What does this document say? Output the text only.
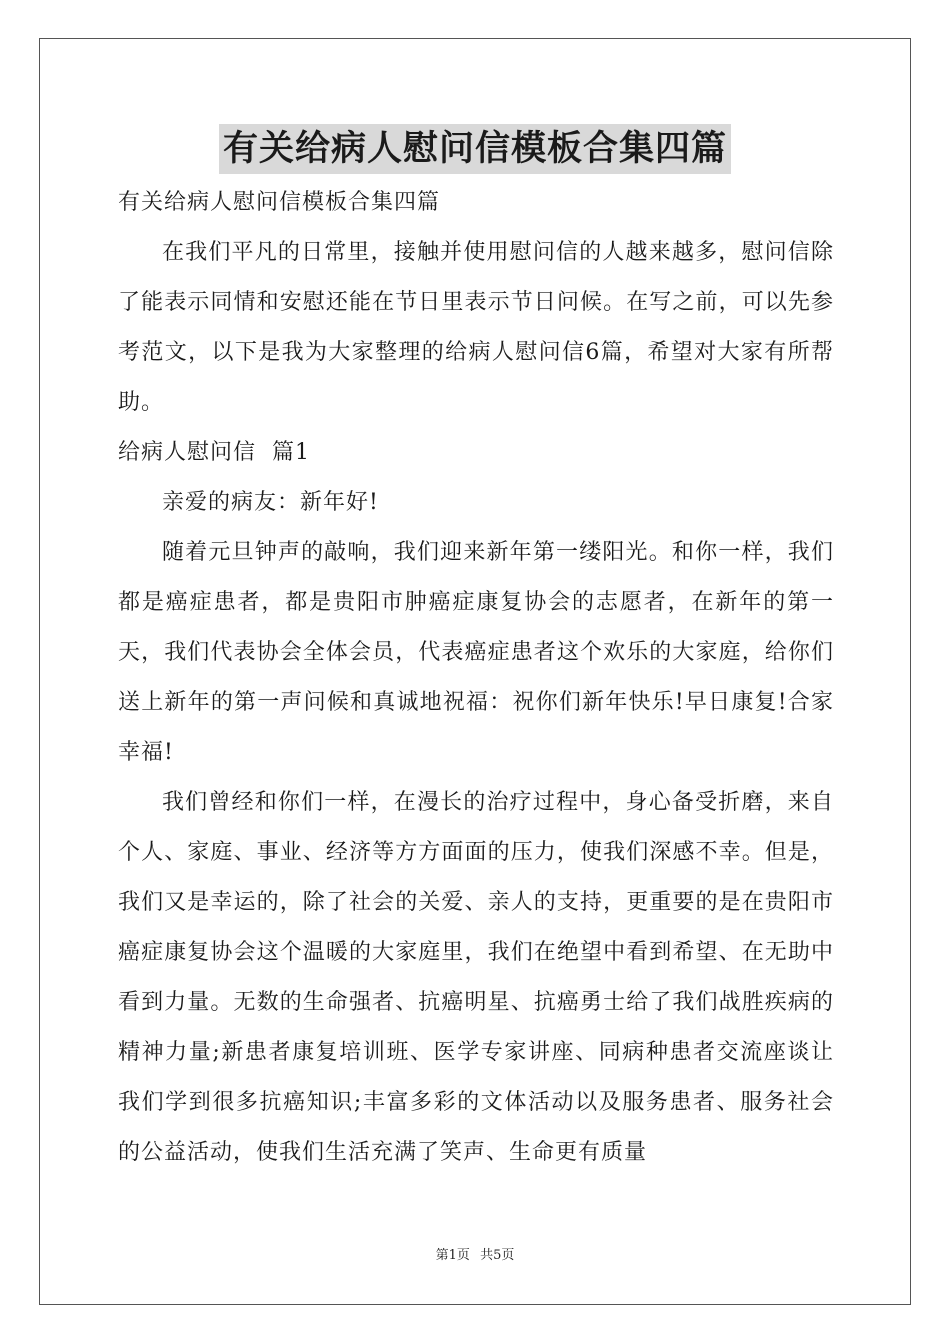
有关给病人慰问信模板合集四篇

有关给病人慰问信模板合集四篇

在我们平凡的日常里，接触并使用慰问信的人越来越多，慰问信除了能表示同情和安慰还能在节日里表示节日问候。在写之前，可以先参考范文，以下是我为大家整理的给病人慰问信6篇，希望对大家有所帮助。

给病人慰问信  篇1

亲爱的病友：新年好!

随着元旦钟声的敲响，我们迎来新年第一缕阳光。和你一样，我们都是癌症患者，都是贵阳市肿癌症康复协会的志愿者，在新年的第一天，我们代表协会全体会员，代表癌症患者这个欢乐的大家庭，给你们送上新年的第一声问候和真诚地祝福：祝你们新年快乐!早日康复!合家幸福!

我们曾经和你们一样，在漫长的治疗过程中，身心备受折磨，来自个人、家庭、事业、经济等方方面面的压力，使我们深感不幸。但是，我们又是幸运的，除了社会的关爱、亲人的支持，更重要的是在贵阳市癌症康复协会这个温暖的大家庭里，我们在绝望中看到希望、在无助中看到力量。无数的生命强者、抗癌明星、抗癌勇士给了我们战胜疾病的精神力量;新患者康复培训班、医学专家讲座、同病种患者交流座谈让我们学到很多抗癌知识;丰富多彩的文体活动以及服务患者、服务社会的公益活动，使我们生活充满了笑声、生命更有质量

第1页 共5页
